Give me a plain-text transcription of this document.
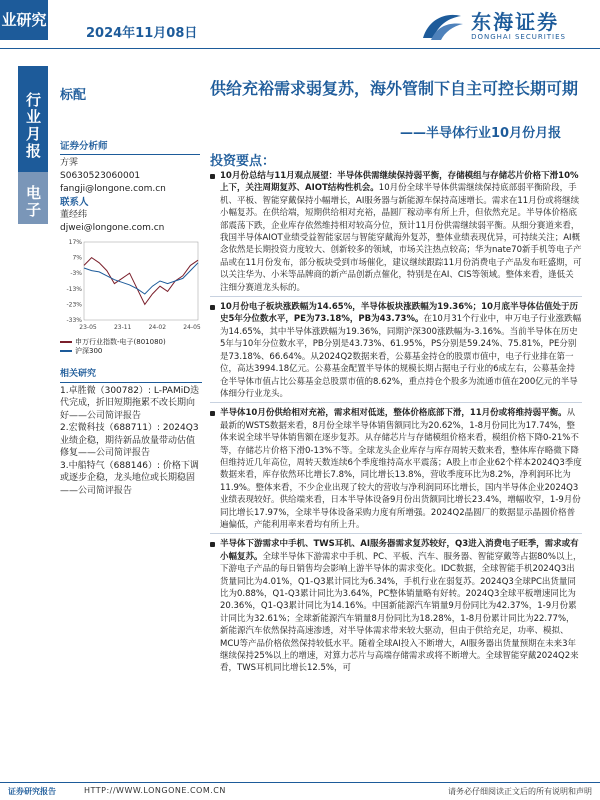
业研究
2024年11月08日	东海证券
DONGHAI SECURITIES
行业月报
电子
标配	供给充裕需求弱复苏，海外管制下自主可控长期可期
——半导体行业10月份月报
证券分析师
方霁
S0630523060001
fangji@longone.com.cn
联系人
董经纬
djwei@longone.com.cn
17%
7%
-3%
-13%
-23%
-33%
23-05	23-11	24-02	24-05
申万行业指数-电子(801080)
沪深300
相关研究
1.卓胜微（300782）: L-PAMiD迭代完成，折旧短期拖累不改长期向好——公司简评报告
2.宏微科技（688711）: 2024Q3业绩企稳，期待新品放量带动估值修复——公司简评报告
3.中船特气（688146）: 价格下调或逐步企稳，龙头地位或长期稳固——公司简评报告
投资要点：
10月份总结与11月观点展望：半导体供需继续保持弱平衡，存储模组与存储芯片价格下滑10%上下，关注周期复苏、AIOT结构性机会。10月份全球半导体供需继续保持底部弱平衡阶段，手机、平板、智能穿戴保持小幅增长，AI服务器与新能源车保持高速增长。需求在11月份或将继续小幅复苏。在供给端，短期供给相对充裕，晶圆厂稼动率有所上升，但依然充足。半导体价格底部震荡下跌，企业库存依然维持相对较高分位，预计11月份供需继续弱平衡。从细分赛道来看，我国半导体AIOT业绩受益智能家居与智能穿戴海外复苏，整体业绩表现优异，可持续关注；AI概念依然是长期投资力度较大、创新较多的领域，市场关注热点较高；华为nate70新手机等电子产品或在11月份发布，部分板块受到市场催化，建议继续跟踪11月份消费电子产品发布旺盛期，可以关注华为、小米等品牌商的新产品创新点催化，特别是在AI、CIS等领域。整体来看，逢低关注细分赛道龙头标的。
10月份电子板块涨跌幅为14.65%，半导体板块涨跌幅为19.36%；10月底半导体估值处于历史5年分位数水平，PE为73.18%，PB为43.73%。在10月31个行业中，申万电子行业涨跌幅为14.65%，其中半导体涨跌幅为19.36%，同期沪深300涨跌幅为-3.16%。当前半导体在历史5年与10年分位数水平，PB分别是43.73%、61.95%，PS分别是59.24%、75.81%，PE分别是73.18%、66.64%。从2024Q2数据来看，公募基金持仓的股票市值中，电子行业排在第一位，高达3994.18亿元。公募基金配置半导体的规模长期占据电子行业的6成左右，公募基金持仓半导体市值占比公募基金总股票市值的8.62%，重点持仓个股多为流通市值在200亿元的半导体细分行业龙头。
半导体10月份供给相对充裕，需求相对低迷，整体价格底部下滑，11月份或将维持弱平衡。从最新的WSTS数据来看，8月份全球半导体销售额同比为20.62%，1-8月份同比为17.74%，整体来说全球半导体销售额在逐步复苏。从存储芯片与存储模组价格来看，模组价格下降0-21%不等，存储芯片价格下滑0-13%不等。全球龙头企业库存与库存周转天数来看，整体库存略微下降但维持近几年高位，周转天数连续6个季度维持高水平震荡；A股上市企业62个样本2024Q3季度数据来看，库存依然环比增长7.8%，同比增长13.8%，营收季度环比为8.2%，净利润环比为11.9%。整体来看，不少企业出现了较大的营收与净利润同环比增长，国内半导体企业2024Q3业绩表现较好。供给端来看，日本半导体设备9月份出货额同比增长23.4%，增幅收窄，1-9月份同比增长17.97%，全球半导体设备采购力度有所增强。2024Q2晶圆厂的数据显示晶圆价格普遍偏低，产能利用率来看均有所上升。
半导体下游需求中手机、TWS耳机、AI服务器需求复苏较好，Q3进入消费电子旺季，需求或有小幅复苏。全球半导体下游需求中手机、PC、平板、汽车、服务器、智能穿戴等占据80%以上，下游电子产品的每日销售均会影响上游半导体的需求变化。IDC数据，全球智能手机2024Q3出货量同比为4.01%，Q1-Q3累计同比为6.34%，手机行业在弱复苏。2024Q3全球PC出货量同比为0.88%，Q1-Q3累计同比为3.64%，PC整体销量略有好转。2024Q3全球平板增速同比为20.36%，Q1-Q3累计同比为14.16%。中国新能源汽车销量9月份同比为42.37%，1-9月份累计同比为32.61%；全球新能源汽车销量8月份同比为18.28%，1-8月份累计同比为22.77%，新能源汽车依然保持高速渗透，对半导体需求带来较大驱动，但由于供给充足，功率、模拟、MCU等产品价格依然保持较低水平。随着全球AI投入不断增大，AI服务器出货量预期在未来3年继续保持25%以上的增速，对算力芯片与高端存储需求或将不断增大。全球智能穿戴2024Q2来看，TWS耳机同比增长12.5%，可
证券研究报告	HTTP://WWW.LONGONE.COM.CN	请务必仔细阅读正文后的所有说明和声明
